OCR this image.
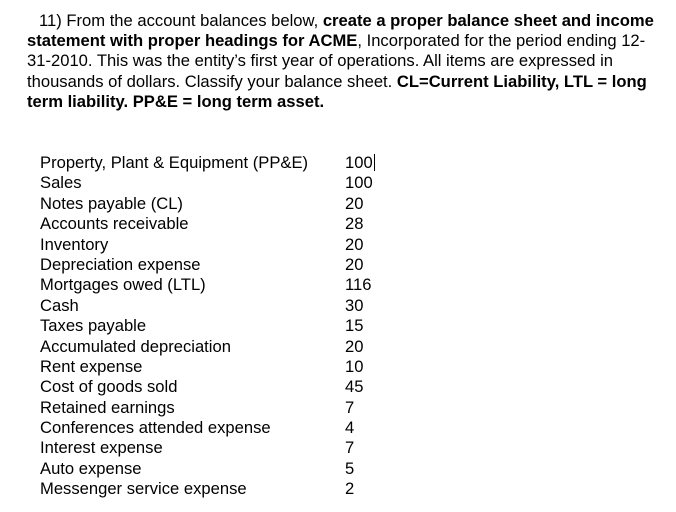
11) From the account balances below, create a proper balance sheet and income statement with proper headings for ACME, Incorporated for the period ending 12-31-2010. This was the entity’s first year of operations. All items are expressed in thousands of dollars. Classify your balance sheet. CL=Current Liability, LTL = long term liability. PP&E = long term asset.
Property, Plant & Equipment (PP&E)	100
Sales	100
Notes payable (CL)	20
Accounts receivable	28
Inventory	20
Depreciation expense	20
Mortgages owed (LTL)	116
Cash	30
Taxes payable	15
Accumulated depreciation	20
Rent expense	10
Cost of goods sold	45
Retained earnings	7
Conferences attended expense	4
Interest expense	7
Auto expense	5
Messenger service expense	2
